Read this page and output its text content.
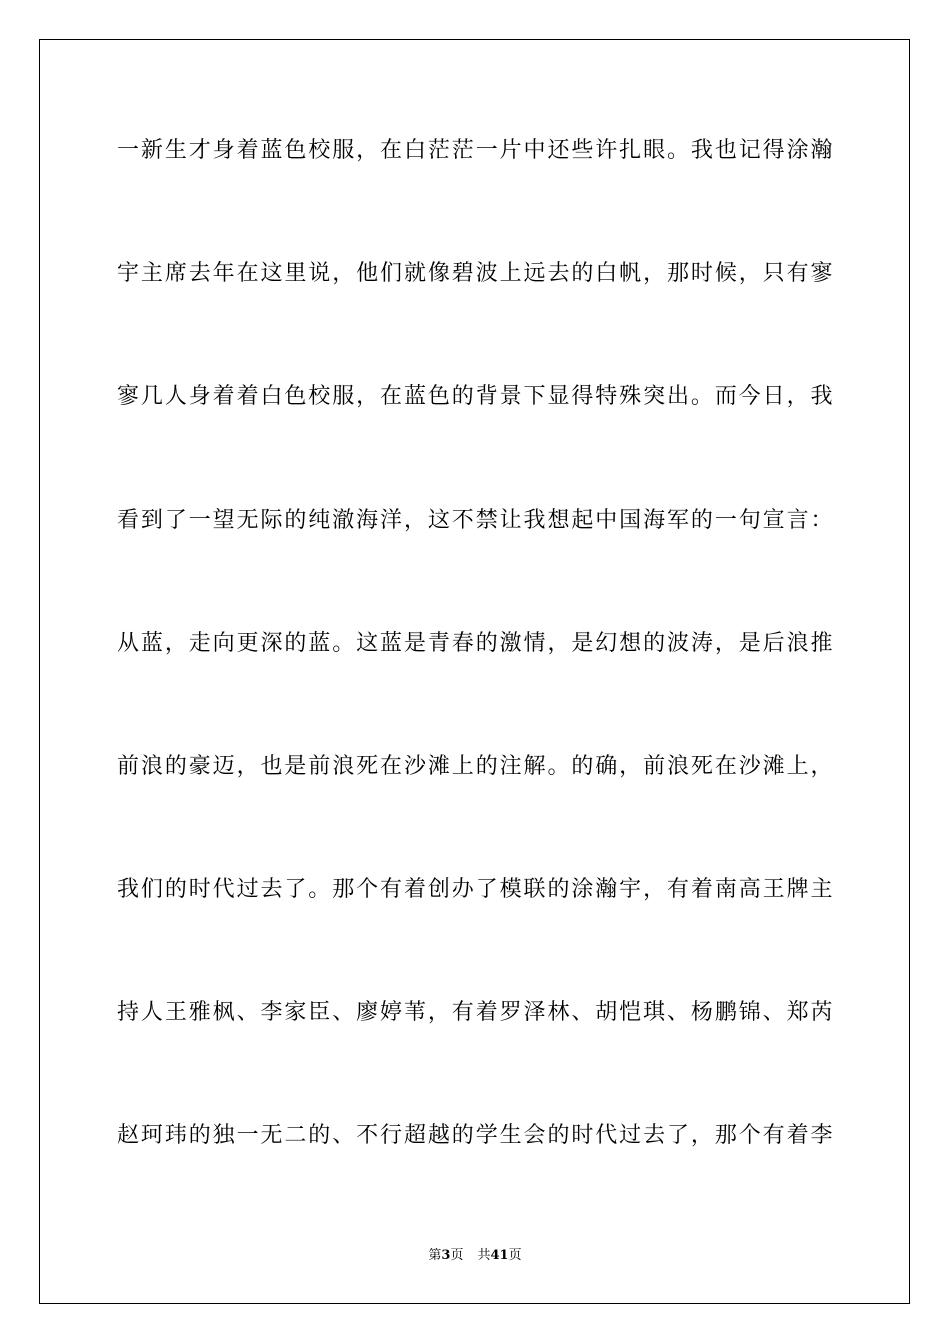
一新生才身着蓝色校服，在白茫茫一片中还些许扎眼。我也记得涂瀚
宇主席去年在这里说，他们就像碧波上远去的白帆，那时候，只有寥
寥几人身着着白色校服，在蓝色的背景下显得特殊突出。而今日，我
看到了一望无际的纯澈海洋，这不禁让我想起中国海军的一句宣言：
从蓝，走向更深的蓝。这蓝是青春的激情，是幻想的波涛，是后浪推
前浪的豪迈，也是前浪死在沙滩上的注解。的确，前浪死在沙滩上，
我们的时代过去了。那个有着创办了模联的涂瀚宇，有着南高王牌主
持人王雅枫、李家臣、廖婷苇，有着罗泽林、胡恺琪、杨鹏锦、郑芮
赵珂玮的独一无二的、不行超越的学生会的时代过去了，那个有着李
第3页 共41页
